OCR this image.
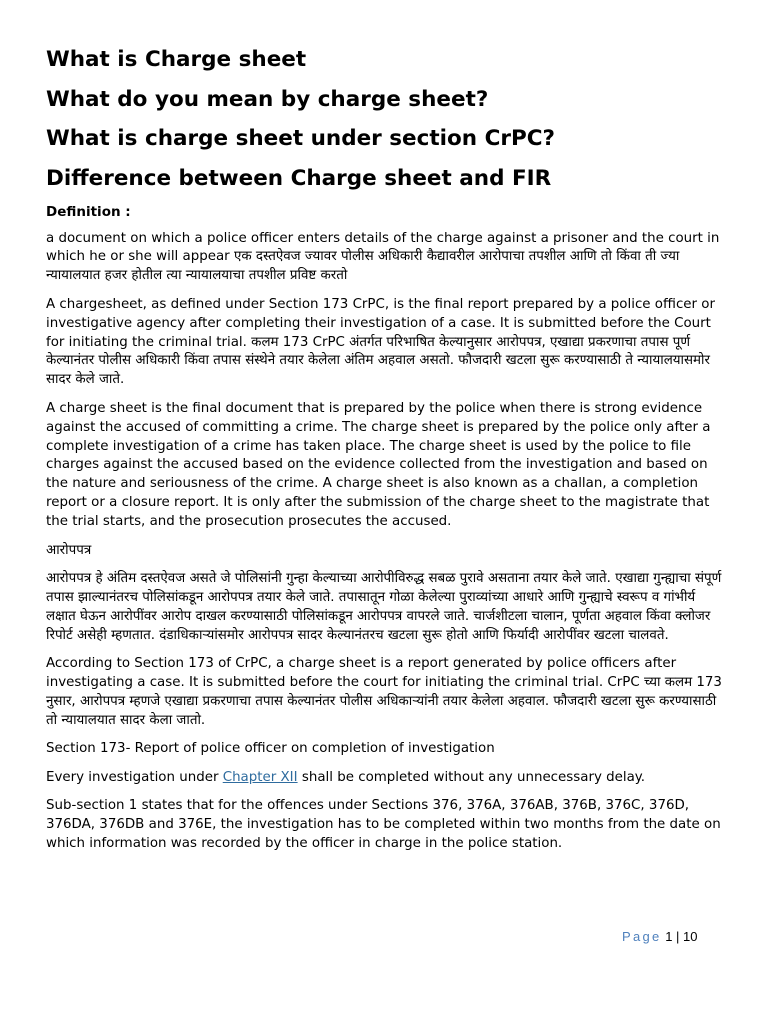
What is Charge sheet
What do you mean by charge sheet?
What is charge sheet under section CrPC?
Difference between Charge sheet and FIR
Definition :

a document on which a police officer enters details of the charge against a prisoner and the court in which he or she will appear एक दस्तऐवज ज्यावर पोलीस अधिकारी कैद्यावरील आरोपाचा तपशील आणि तो किंवा ती ज्या न्यायालयात हजर होतील त्या न्यायालयाचा तपशील प्रविष्ट करतो

A chargesheet, as defined under Section 173 CrPC, is the final report prepared by a police officer or investigative agency after completing their investigation of a case. It is submitted before the Court for initiating the criminal trial. कलम 173 CrPC अंतर्गत परिभाषित केल्यानुसार आरोपपत्र, एखाद्या प्रकरणाचा तपास पूर्ण केल्यानंतर पोलीस अधिकारी किंवा तपास संस्थेने तयार केलेला अंतिम अहवाल असतो. फौजदारी खटला सुरू करण्यासाठी ते न्यायालयासमोर सादर केले जाते.

A charge sheet is the final document that is prepared by the police when there is strong evidence against the accused of committing a crime. The charge sheet is prepared by the police only after a complete investigation of a crime has taken place. The charge sheet is used by the police to file charges against the accused based on the evidence collected from the investigation and based on the nature and seriousness of the crime. A charge sheet is also known as a challan, a completion report or a closure report. It is only after the submission of the charge sheet to the magistrate that the trial starts, and the prosecution prosecutes the accused.

आरोपपत्र

आरोपपत्र हे अंतिम दस्तऐवज असते जे पोलिसांनी गुन्हा केल्याच्या आरोपीविरुद्ध सबळ पुरावे असताना तयार केले जाते. एखाद्या गुन्ह्याचा संपूर्ण तपास झाल्यानंतरच पोलिसांकडून आरोपपत्र तयार केले जाते. तपासातून गोळा केलेल्या पुराव्यांच्या आधारे आणि गुन्ह्याचे स्वरूप व गांभीर्य लक्षात घेऊन आरोपींवर आरोप दाखल करण्यासाठी पोलिसांकडून आरोपपत्र वापरले जाते. चार्जशीटला चालान, पूर्णता अहवाल किंवा क्लोजर रिपोर्ट असेही म्हणतात. दंडाधिकाऱ्यांसमोर आरोपपत्र सादर केल्यानंतरच खटला सुरू होतो आणि फिर्यादी आरोपींवर खटला चालवते.

According to Section 173 of CrPC, a charge sheet is a report generated by police officers after investigating a case. It is submitted before the court for initiating the criminal trial. CrPC च्या कलम 173 नुसार, आरोपपत्र म्हणजे एखाद्या प्रकरणाचा तपास केल्यानंतर पोलीस अधिकाऱ्यांनी तयार केलेला अहवाल. फौजदारी खटला सुरू करण्यासाठी तो न्यायालयात सादर केला जातो.

Section 173- Report of police officer on completion of investigation

Every investigation under Chapter XII shall be completed without any unnecessary delay.

Sub-section 1 states that for the offences under Sections 376, 376A, 376AB, 376B, 376C, 376D, 376DA, 376DB and 376E, the investigation has to be completed within two months from the date on which information was recorded by the officer in charge in the police station.

Page 1 | 10
